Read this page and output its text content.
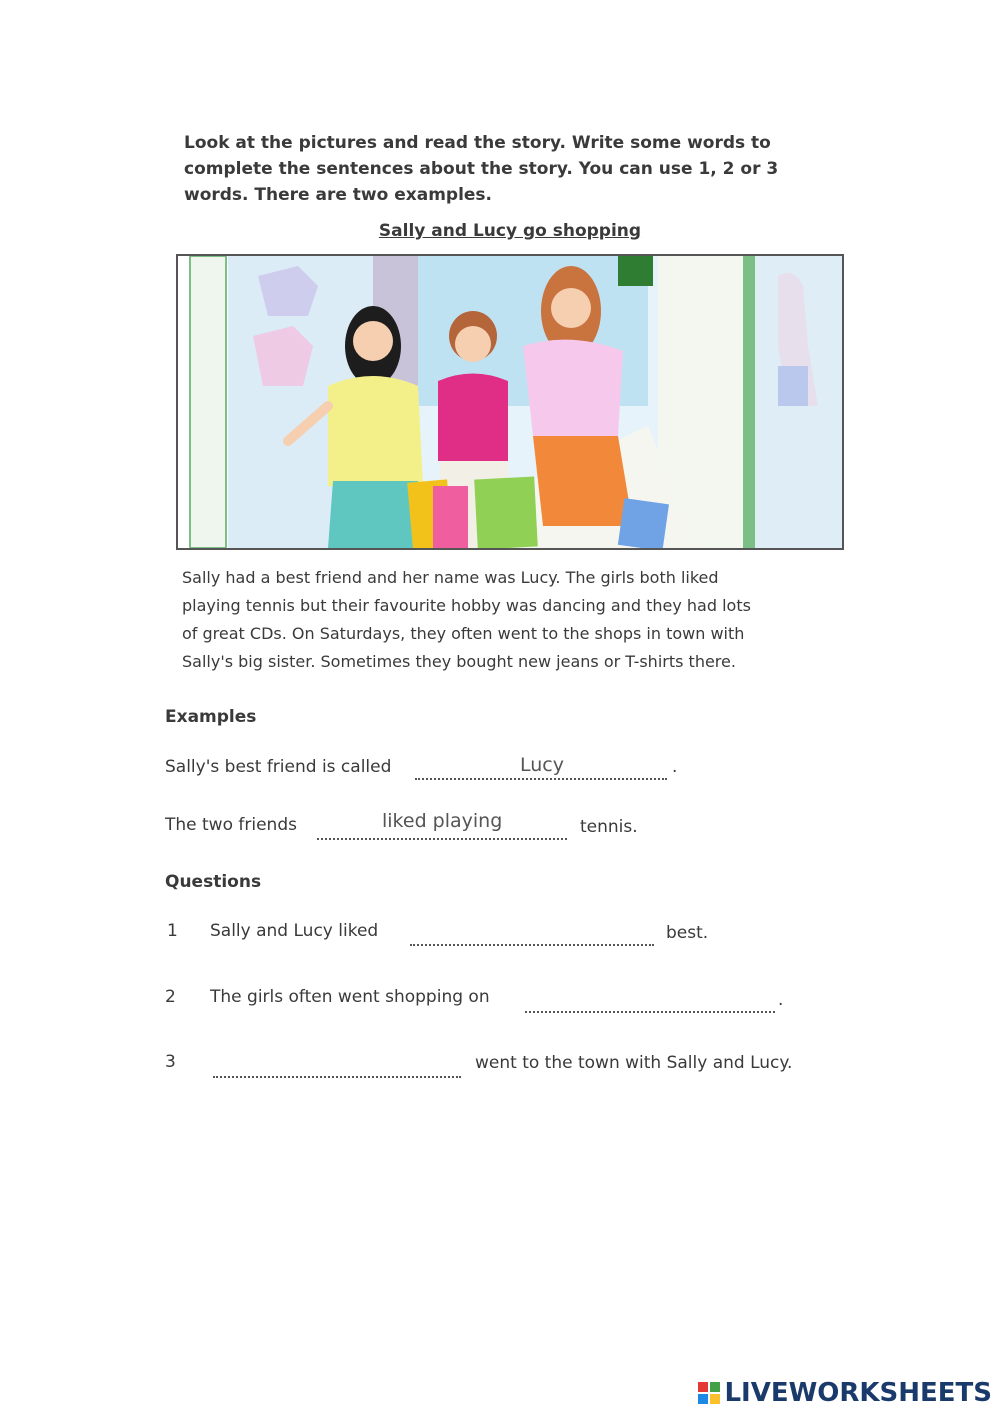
Look at the pictures and read the story. Write some words to complete the sentences about the story. You can use 1, 2 or 3 words. There are two examples.
Sally and Lucy go shopping
Sally had a best friend and her name was Lucy. The girls both liked
playing tennis but their favourite hobby was dancing and they had lots
of great CDs. On Saturdays, they often went to the shops in town with
Sally's big sister. Sometimes they bought new jeans or T-shirts there.
Examples
Sally's best friend is called	Lucy	.
The two friends	liked playing	tennis.
Questions
1 Sally and Lucy liked	best.
2 The girls often went shopping on	.
3	went to the town with Sally and Lucy.
LIVEWORKSHEETS
